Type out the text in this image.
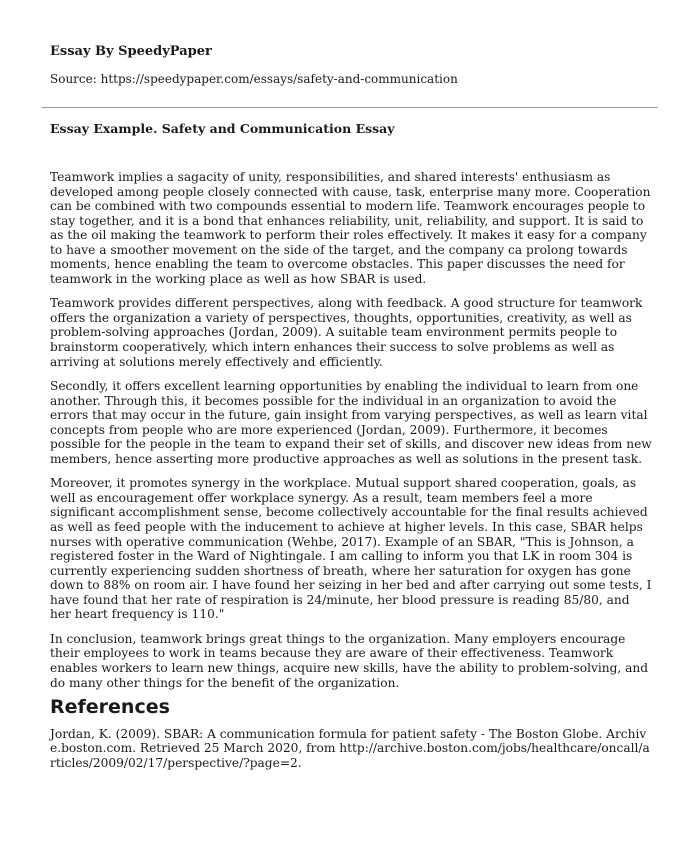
Essay By SpeedyPaper
Source: https://speedypaper.com/essays/safety-and-communication
Essay Example. Safety and Communication Essay

Teamwork implies a sagacity of unity, responsibilities, and shared interests' enthusiasm as developed among people closely connected with cause, task, enterprise many more. Cooperation can be combined with two compounds essential to modern life. Teamwork encourages people to stay together, and it is a bond that enhances reliability, unit, reliability, and support. It is said to as the oil making the teamwork to perform their roles effectively. It makes it easy for a company to have a smoother movement on the side of the target, and the company ca prolong towards moments, hence enabling the team to overcome obstacles. This paper discusses the need for teamwork in the working place as well as how SBAR is used.

Teamwork provides different perspectives, along with feedback. A good structure for teamwork offers the organization a variety of perspectives, thoughts, opportunities, creativity, as well as problem-solving approaches (Jordan, 2009). A suitable team environment permits people to brainstorm cooperatively, which intern enhances their success to solve problems as well as arriving at solutions merely effectively and efficiently.

Secondly, it offers excellent learning opportunities by enabling the individual to learn from one another. Through this, it becomes possible for the individual in an organization to avoid the errors that may occur in the future, gain insight from varying perspectives, as well as learn vital concepts from people who are more experienced (Jordan, 2009). Furthermore, it becomes possible for the people in the team to expand their set of skills, and discover new ideas from new members, hence asserting more productive approaches as well as solutions in the present task.

Moreover, it promotes synergy in the workplace. Mutual support shared cooperation, goals, as well as encouragement offer workplace synergy. As a result, team members feel a more significant accomplishment sense, become collectively accountable for the final results achieved as well as feed people with the inducement to achieve at higher levels. In this case, SBAR helps nurses with operative communication (Wehbe, 2017). Example of an SBAR, "This is Johnson, a registered foster in the Ward of Nightingale. I am calling to inform you that LK in room 304 is currently experiencing sudden shortness of breath, where her saturation for oxygen has gone down to 88% on room air. I have found her seizing in her bed and after carrying out some tests, I have found that her rate of respiration is 24/minute, her blood pressure is reading 85/80, and her heart frequency is 110."

In conclusion, teamwork brings great things to the organization. Many employers encourage their employees to work in teams because they are aware of their effectiveness. Teamwork enables workers to learn new things, acquire new skills, have the ability to problem-solving, and do many other things for the benefit of the organization.

References

Jordan, K. (2009). SBAR: A communication formula for patient safety - The Boston Globe. Archive.boston.com. Retrieved 25 March 2020, from http://archive.boston.com/jobs/healthcare/oncall/articles/2009/02/17/perspective/?page=2.
